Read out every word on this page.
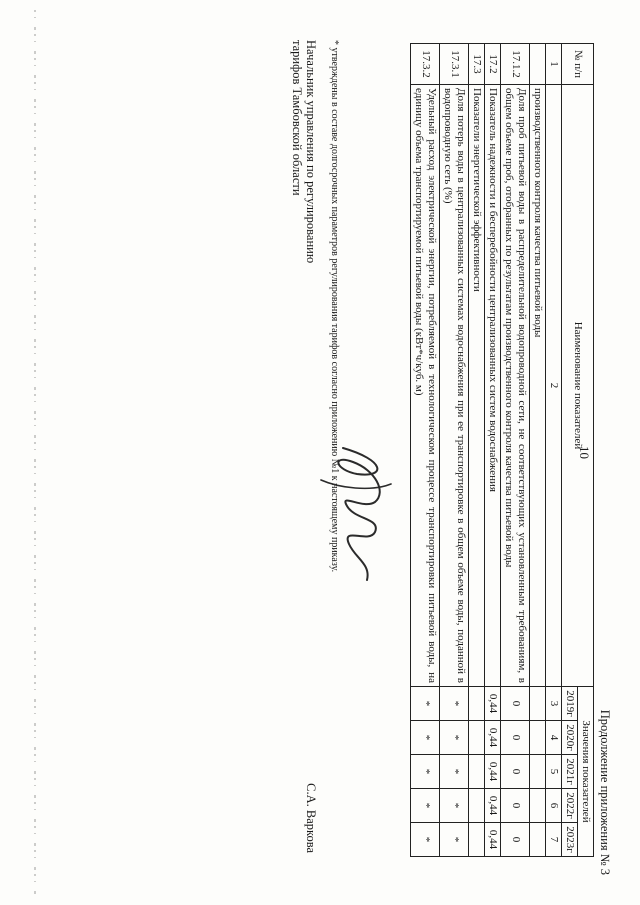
10
Продолжение приложения № 3
№ п/п	Наименование показателей	Значения показателей				
		2019г	2020г	2021г	2022г	2023г
1	2	3	4	5	6	7
	производственного контроля качества питьевой воды					
17.1.2	Доля проб питьевой воды в распределительной водопроводной сети, не соответствующих установленным требованиям, в общем объеме проб, отобранных по результатам производственного контроля качества питьевой воды	0	0	0	0	0
17.2	Показатель надежности и бесперебойности централизованных систем водоснабжения	0,44	0,44	0,44	0,44	0,44
17.3	Показатели энергетической эффективности					
17.3.1	Доля потерь воды в централизованных системах водоснабжения при ее транспортировке в общем объеме воды, поданной в водопроводную сеть (%)	*	*	*	*	*
17.3.2	Удельный расход электрической энергии, потребляемой в технологическом процессе транспортировки питьевой воды, на единицу объема транспортируемой питьевой воды (кВт*ч/куб. м)	*	*	*	*	*
* утверждены в составе долгосрочных параметров регулирования тарифов согласно приложению №1 к настоящему приказу.
Начальник управления по регулированию
тарифов Тамбовской области
С.А. Варкова
